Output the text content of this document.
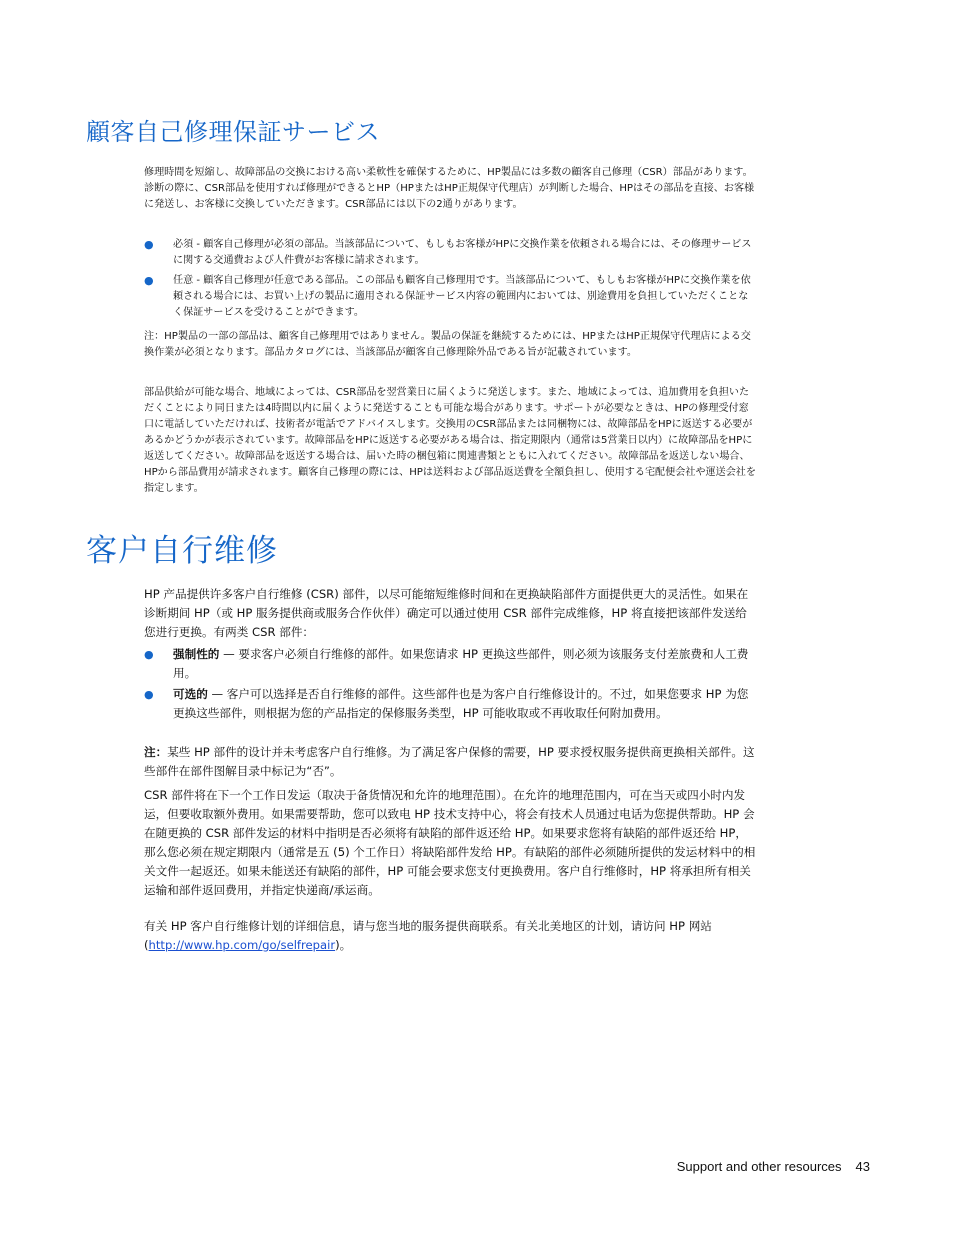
顧客自己修理保証サービス

修理時間を短縮し、故障部品の交換における高い柔軟性を確保するために、HP製品には多数の顧客自己修理（CSR）部品があります。診断の際に、CSR部品を使用すれば修理ができるとHP（HPまたはHP正規保守代理店）が判断した場合、HPはその部品を直接、お客様に発送し、お客様に交換していただきます。CSR部品には以下の2通りがあります。

● 必須 - 顧客自己修理が必須の部品。当該部品について、もしもお客様がHPに交換作業を依頼される場合には、その修理サービスに関する交通費および人件費がお客様に請求されます。

● 任意 - 顧客自己修理が任意である部品。この部品も顧客自己修理用です。当該部品について、もしもお客様がHPに交換作業を依頼される場合には、お買い上げの製品に適用される保証サービス内容の範囲内においては、別途費用を負担していただくことなく保証サービスを受けることができます。

注：HP製品の一部の部品は、顧客自己修理用ではありません。製品の保証を継続するためには、HPまたはHP正規保守代理店による交換作業が必須となります。部品カタログには、当該部品が顧客自己修理除外品である旨が記載されています。

部品供給が可能な場合、地域によっては、CSR部品を翌営業日に届くように発送します。また、地域によっては、追加費用を負担いただくことにより同日または4時間以内に届くように発送することも可能な場合があります。サポートが必要なときは、HPの修理受付窓口に電話していただければ、技術者が電話でアドバイスします。交換用のCSR部品または同梱物には、故障部品をHPに返送する必要があるかどうかが表示されています。故障部品をHPに返送する必要がある場合は、指定期限内（通常は5営業日以内）に故障部品をHPに返送してください。故障部品を返送する場合は、届いた時の梱包箱に関連書類とともに入れてください。故障部品を返送しない場合、HPから部品費用が請求されます。顧客自己修理の際には、HPは送料および部品返送費を全額負担し、使用する宅配便会社や運送会社を指定します。

客户自行维修

HP 产品提供许多客户自行维修 (CSR) 部件，以尽可能缩短维修时间和在更换缺陷部件方面提供更大的灵活性。如果在诊断期间 HP（或 HP 服务提供商或服务合作伙伴）确定可以通过使用 CSR 部件完成维修，HP 将直接把该部件发送给您进行更换。有两类 CSR 部件：

● 强制性的 — 要求客户必须自行维修的部件。如果您请求 HP 更换这些部件，则必须为该服务支付差旅费和人工费用。

● 可选的 — 客户可以选择是否自行维修的部件。这些部件也是为客户自行维修设计的。不过，如果您要求 HP 为您更换这些部件，则根据为您的产品指定的保修服务类型，HP 可能收取或不再收取任何附加费用。

注：某些 HP 部件的设计并未考虑客户自行维修。为了满足客户保修的需要，HP 要求授权服务提供商更换相关部件。这些部件在部件图解目录中标记为“否”。

CSR 部件将在下一个工作日发运（取决于备货情况和允许的地理范围）。在允许的地理范围内，可在当天或四小时内发运，但要收取额外费用。如果需要帮助，您可以致电 HP 技术支持中心，将会有技术人员通过电话为您提供帮助。HP 会在随更换的 CSR 部件发运的材料中指明是否必须将有缺陷的部件返还给 HP。如果要求您将有缺陷的部件返还给 HP，那么您必须在规定期限内（通常是五 (5) 个工作日）将缺陷部件发给 HP。有缺陷的部件必须随所提供的发运材料中的相关文件一起返还。如果未能送还有缺陷的部件，HP 可能会要求您支付更换费用。客户自行维修时，HP 将承担所有相关运输和部件返回费用，并指定快递商/承运商。

有关 HP 客户自行维修计划的详细信息，请与您当地的服务提供商联系。有关北美地区的计划，请访问 HP 网站 (http://www.hp.com/go/selfrepair)。

Support and other resources 43
